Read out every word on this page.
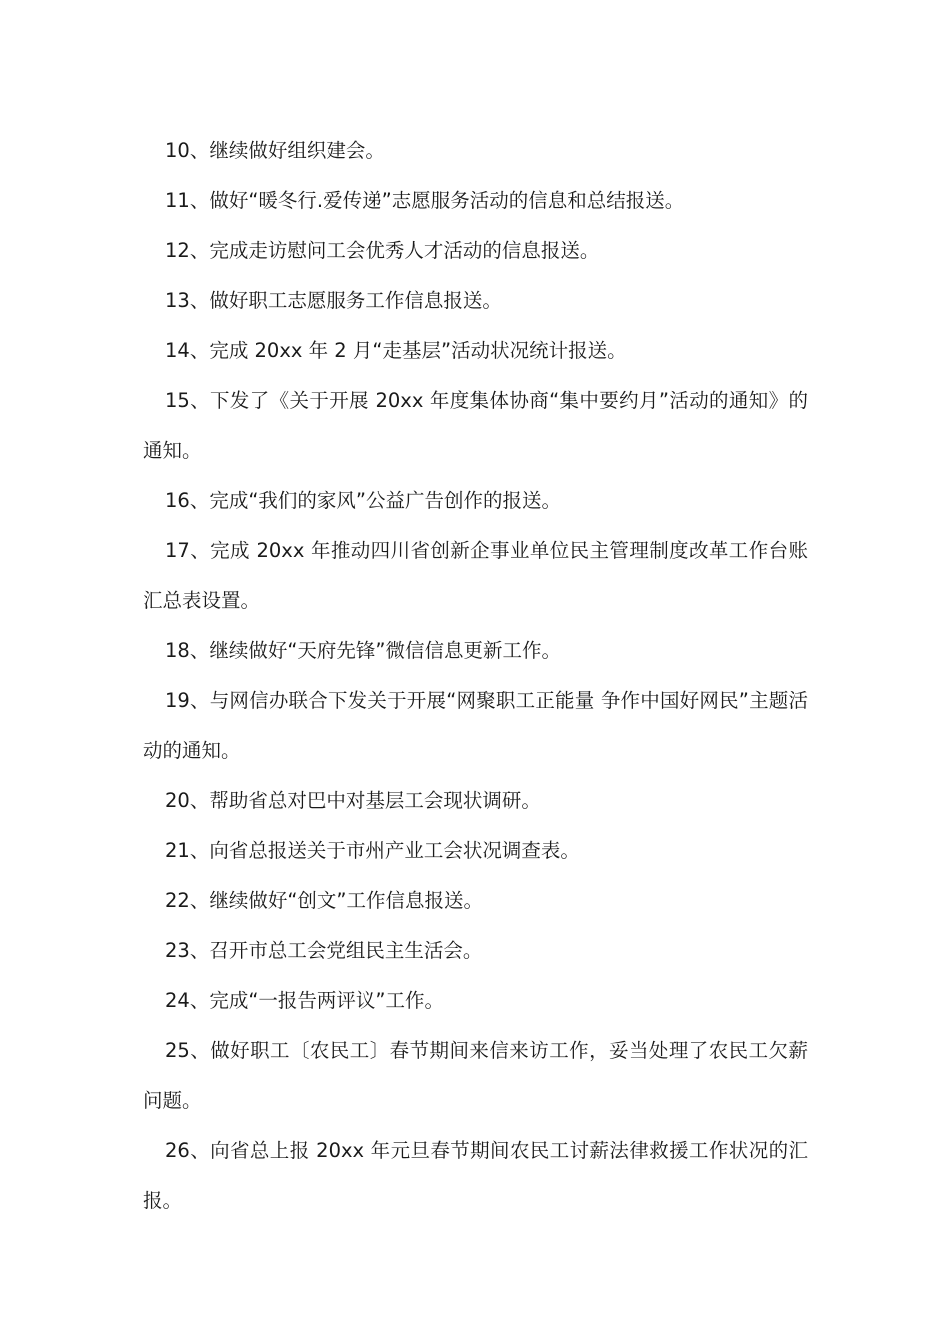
10、继续做好组织建会。

11、做好“暖冬行.爱传递”志愿服务活动的信息和总结报送。

12、完成走访慰问工会优秀人才活动的信息报送。

13、做好职工志愿服务工作信息报送。

14、完成 20xx 年 2 月“走基层”活动状况统计报送。

15、下发了《关于开展 20xx 年度集体协商“集中要约月”活动的通知》的通知。

16、完成“我们的家风”公益广告创作的报送。

17、完成 20xx 年推动四川省创新企事业单位民主管理制度改革工作台账汇总表设置。

18、继续做好“天府先锋”微信信息更新工作。

19、与网信办联合下发关于开展“网聚职工正能量 争作中国好网民”主题活动的通知。

20、帮助省总对巴中对基层工会现状调研。

21、向省总报送关于市州产业工会状况调查表。

22、继续做好“创文”工作信息报送。

23、召开市总工会党组民主生活会。

24、完成“一报告两评议”工作。

25、做好职工〔农民工〕春节期间来信来访工作，妥当处理了农民工欠薪问题。

26、向省总上报 20xx 年元旦春节期间农民工讨薪法律救援工作状况的汇报。
